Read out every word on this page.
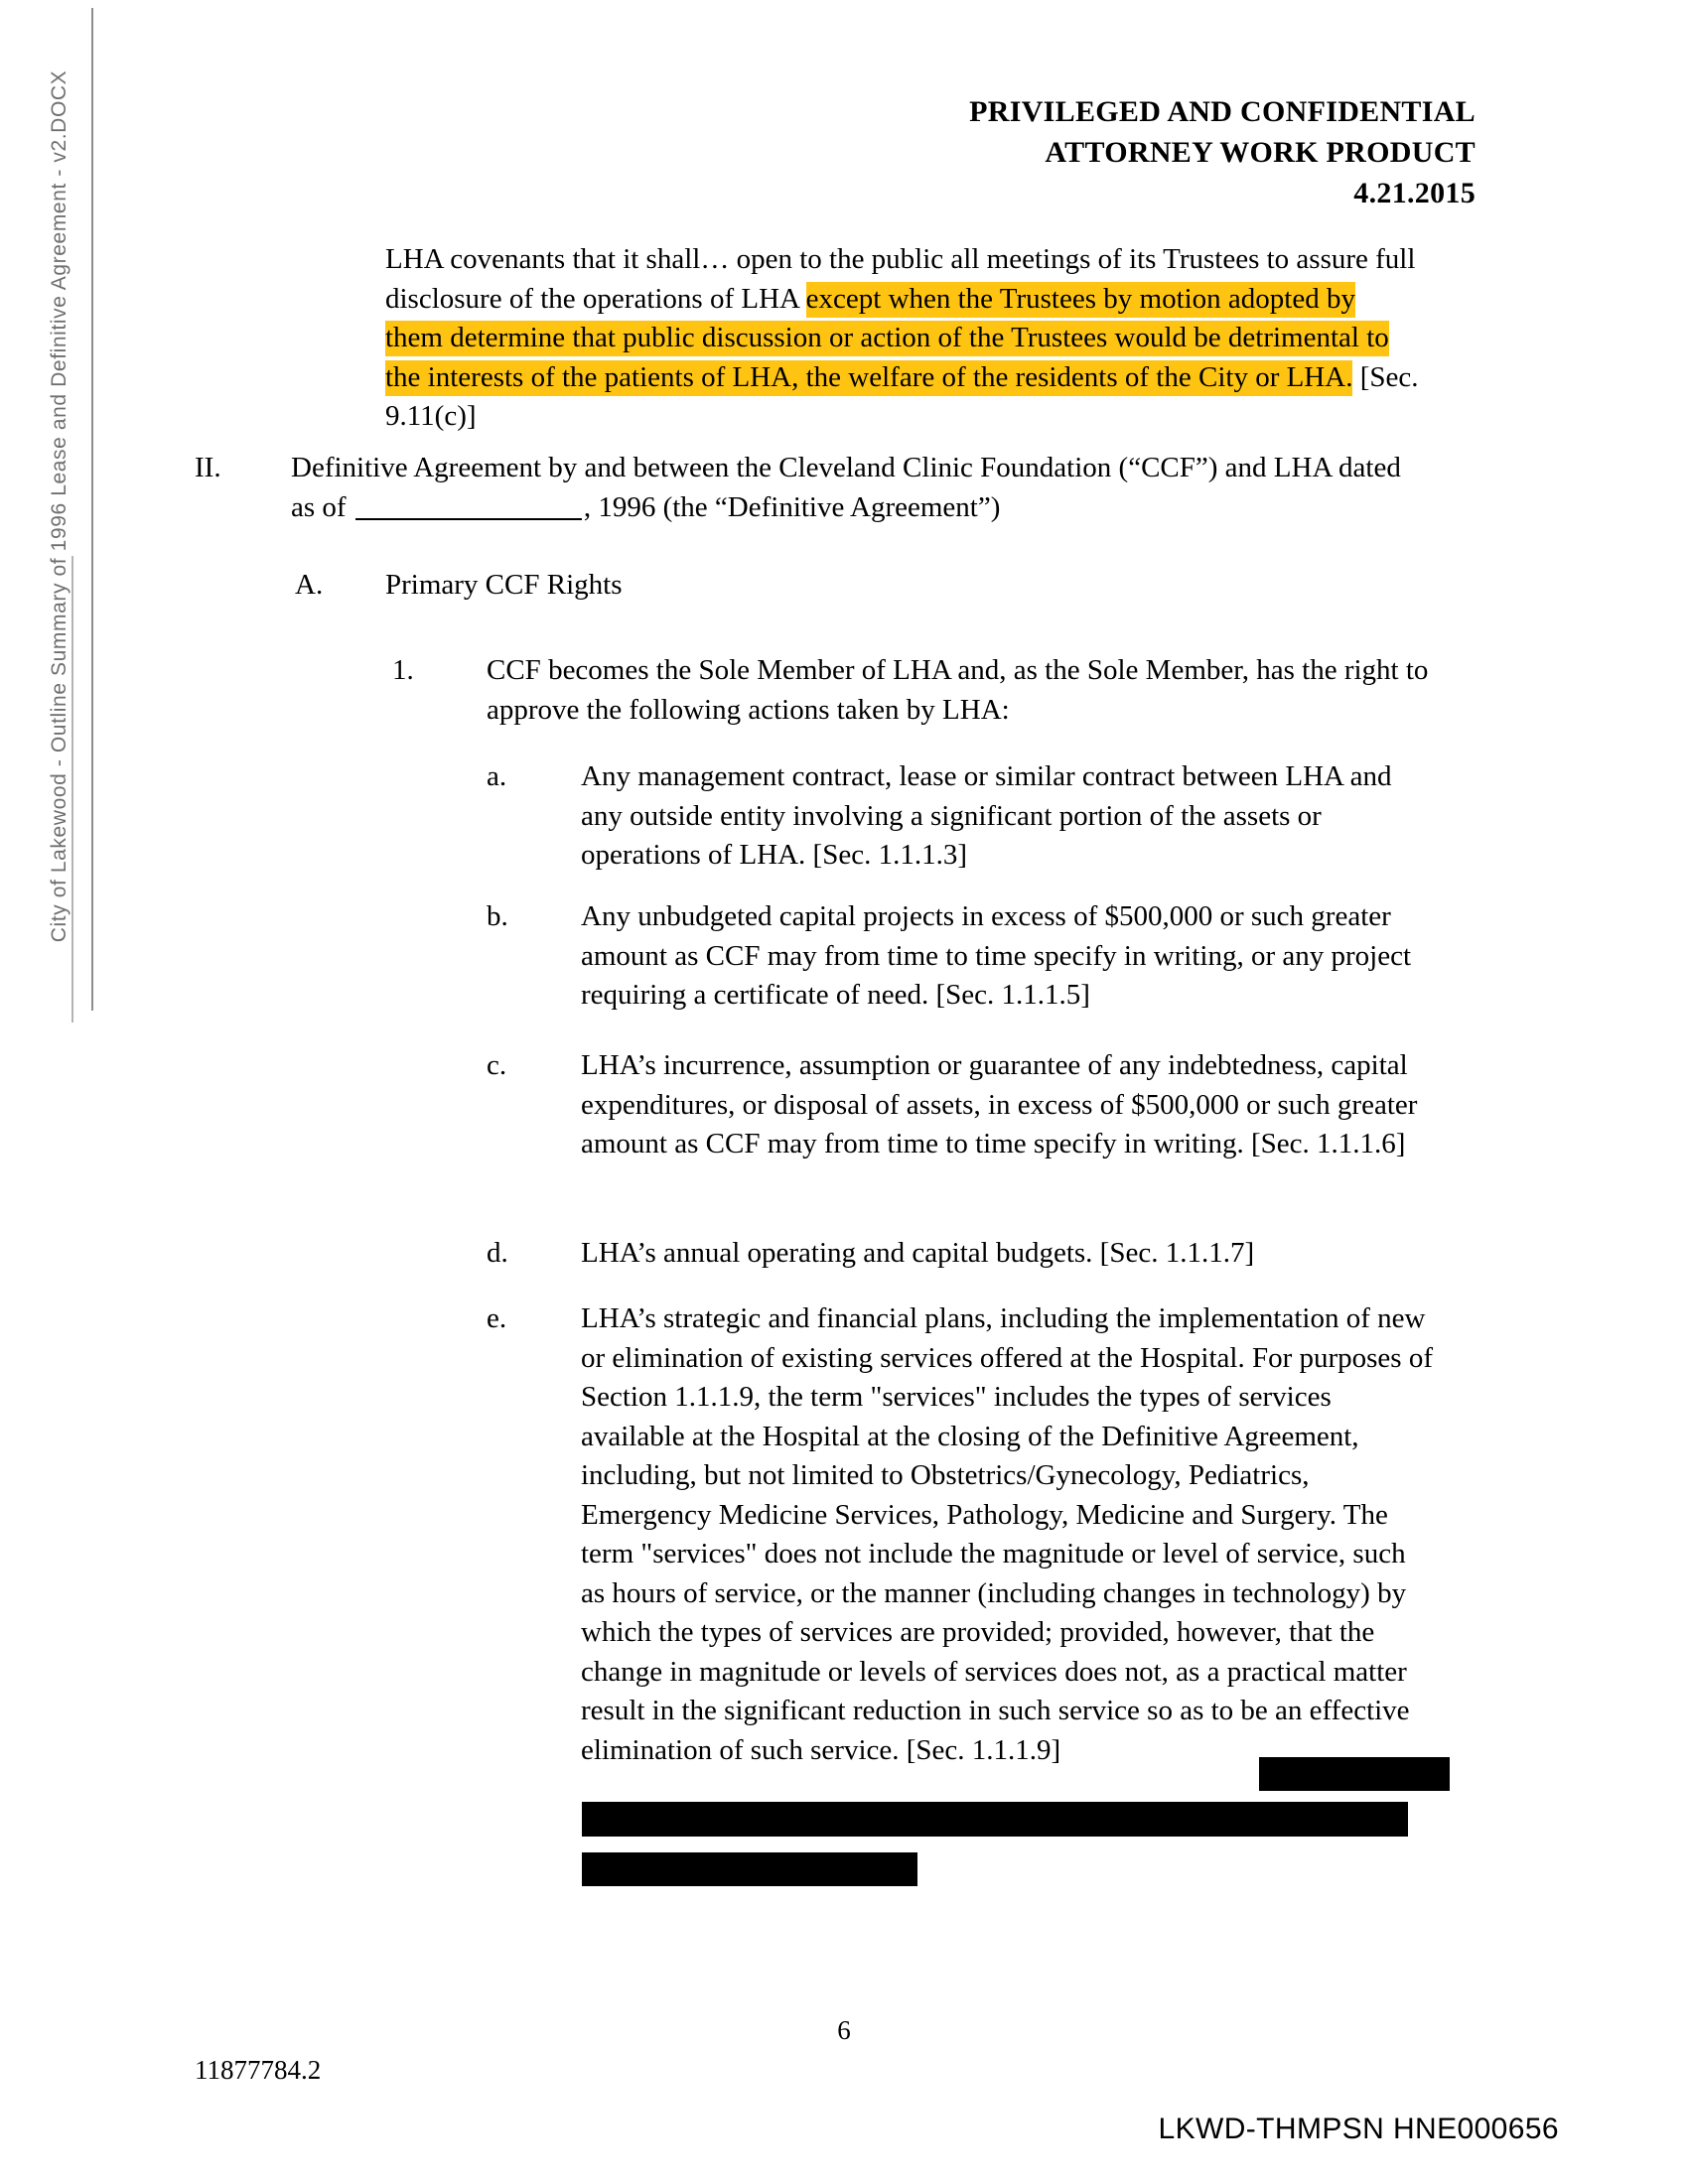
City of Lakewood - Outline Summary of 1996 Lease and Definitive Agreement - v2.DOCX	PRIVILEGED AND CONFIDENTIAL
ATTORNEY WORK PRODUCT
4.21.2015
LHA covenants that it shall… open to the public all meetings of its Trustees to assure full disclosure of the operations of LHA except when the Trustees by motion adopted by them determine that public discussion or action of the Trustees would be detrimental to the interests of the patients of LHA, the welfare of the residents of the City or LHA. [Sec. 9.11(c)]
II.	Definitive Agreement by and between the Cleveland Clinic Foundation (“CCF”) and LHA dated as of	, 1996 (the “Definitive Agreement”)
A.	Primary CCF Rights
1.	CCF becomes the Sole Member of LHA and, as the Sole Member, has the right to approve the following actions taken by LHA:
a.	Any management contract, lease or similar contract between LHA and any outside entity involving a significant portion of the assets or operations of LHA. [Sec. 1.1.1.3]
b.	Any unbudgeted capital projects in excess of $500,000 or such greater amount as CCF may from time to time specify in writing, or any project requiring a certificate of need. [Sec. 1.1.1.5]
c.	LHA’s incurrence, assumption or guarantee of any indebtedness, capital expenditures, or disposal of assets, in excess of $500,000 or such greater amount as CCF may from time to time specify in writing. [Sec. 1.1.1.6]
d.	LHA’s annual operating and capital budgets. [Sec. 1.1.1.7]
e.	LHA’s strategic and financial plans, including the implementation of new or elimination of existing services offered at the Hospital. For purposes of Section 1.1.1.9, the term "services" includes the types of services available at the Hospital at the closing of the Definitive Agreement, including, but not limited to Obstetrics/Gynecology, Pediatrics, Emergency Medicine Services, Pathology, Medicine and Surgery. The term "services" does not include the magnitude or level of service, such as hours of service, or the manner (including changes in technology) by which the types of services are provided; provided, however, that the change in magnitude or levels of services does not, as a practical matter result in the significant reduction in such service so as to be an effective elimination of such service. [Sec. 1.1.1.9]
6
11877784.2
LKWD-THMPSN HNE000656
